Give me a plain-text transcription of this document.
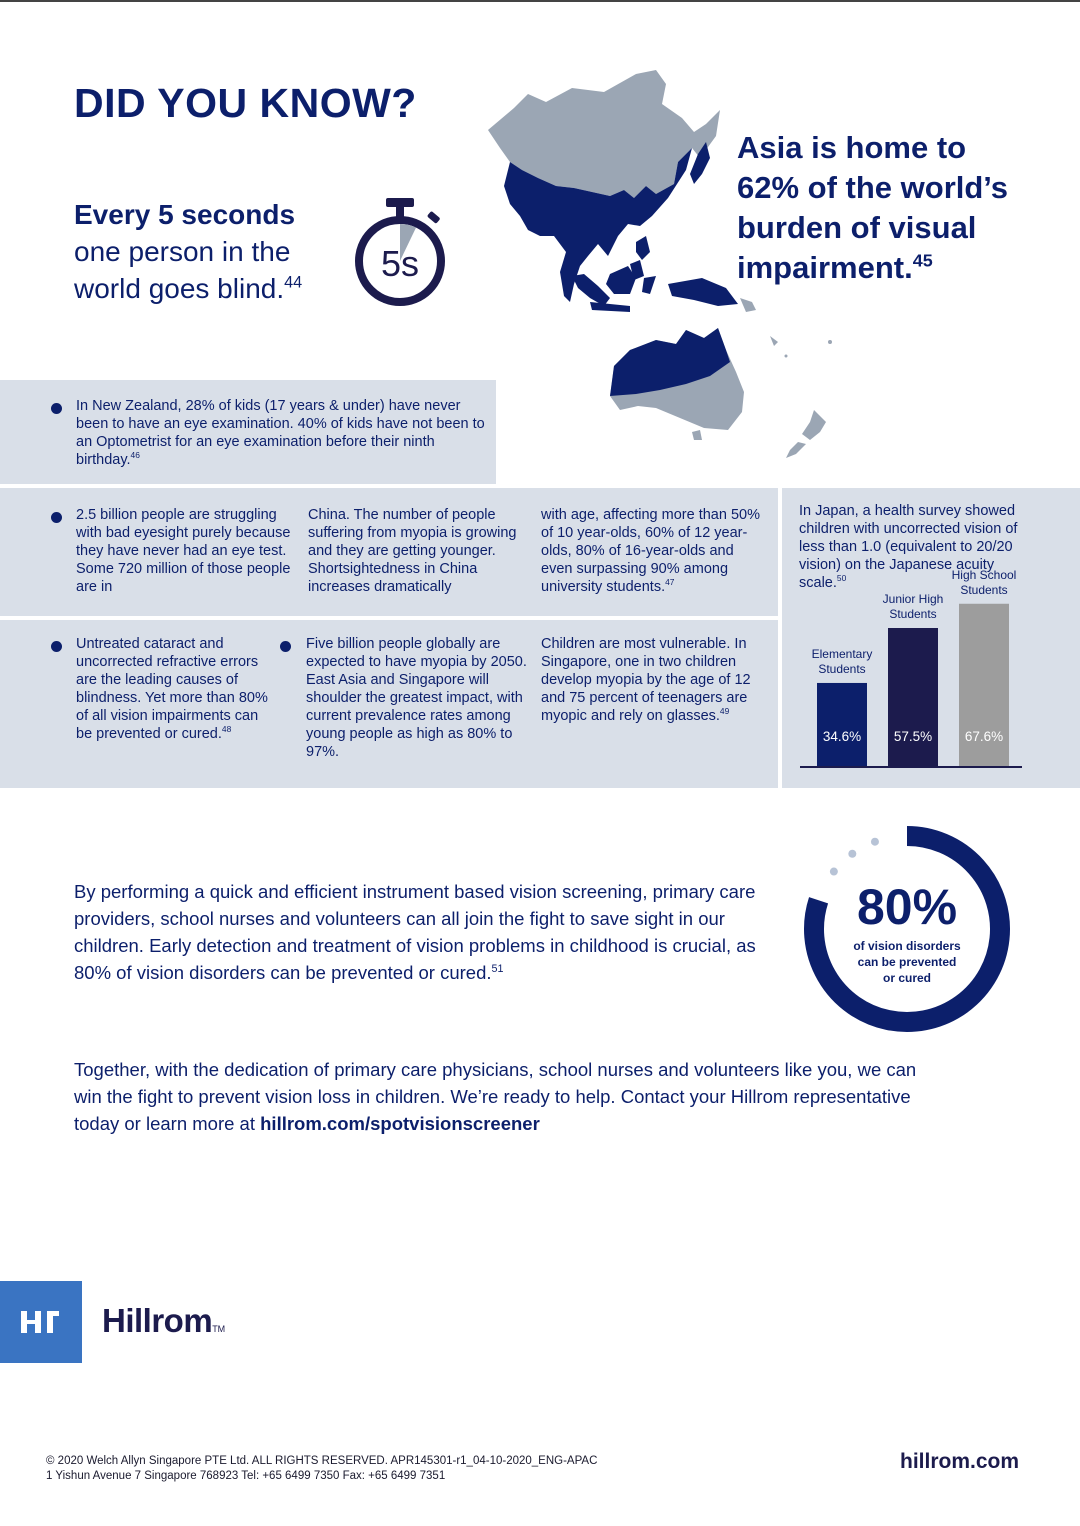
DID YOU KNOW?
Every 5 seconds
one person in the
world goes blind.$^{44}$	5s
Asia is home to
62% of the world’s
burden of visual
impairment.$^{45}$
In New Zealand, 28% of kids (17 years & under) have never been to have an eye examination. 40% of kids have not been to an Optometrist for an eye examination before their ninth birthday.$^{46}$
2.5 billion people are struggling with bad eyesight purely because they have never had an eye test. Some 720 million of those people are in
China. The number of people suffering from myopia is growing and they are getting younger. Shortsightedness in China increases dramatically
with age, affecting more than 50% of 10 year-olds, 60% of 12 year-olds, 80% of 16-year-olds and even surpassing 90% among university students.$^{47}$
Untreated cataract and uncorrected refractive errors are the leading causes of blindness. Yet more than 80% of all vision impairments can be prevented or cured.$^{48}$
Five billion people globally are expected to have myopia by 2050. East Asia and Singapore will shoulder the greatest impact, with current prevalence rates among young people as high as 80% to 97%.
Children are most vulnerable. In Singapore, one in two children develop myopia by the age of 12 and 75 percent of teenagers are myopic and rely on glasses.$^{49}$
In Japan, a health survey showed children with uncorrected vision of less than 1.0 (equivalent to 20/20 vision) on the Japanese acuity scale.$^{50}$
34.6%
Elementary
Students
57.5%
Junior High
Students
67.6%
High School
Students
By performing a quick and efficient instrument based vision screening, primary care providers, school nurses and volunteers can all join the fight to save sight in our children. Early detection and treatment of vision problems in childhood is crucial, as 80% of vision disorders can be prevented or cured.$^{51}$
80%
of vision disorders
can be prevented
or cured
Together, with the dedication of primary care physicians, school nurses and volunteers like you, we can win the fight to prevent vision loss in children. We’re ready to help. Contact your Hillrom representative today or learn more at hillrom.com/spotvisionscreener
HillromTM
© 2020 Welch Allyn Singapore PTE Ltd. ALL RIGHTS RESERVED. APR145301-r1_04-10-2020_ENG-APAC
1 Yishun Avenue 7 Singapore 768923 Tel: +65 6499 7350 Fax: +65 6499 7351
hillrom.com
